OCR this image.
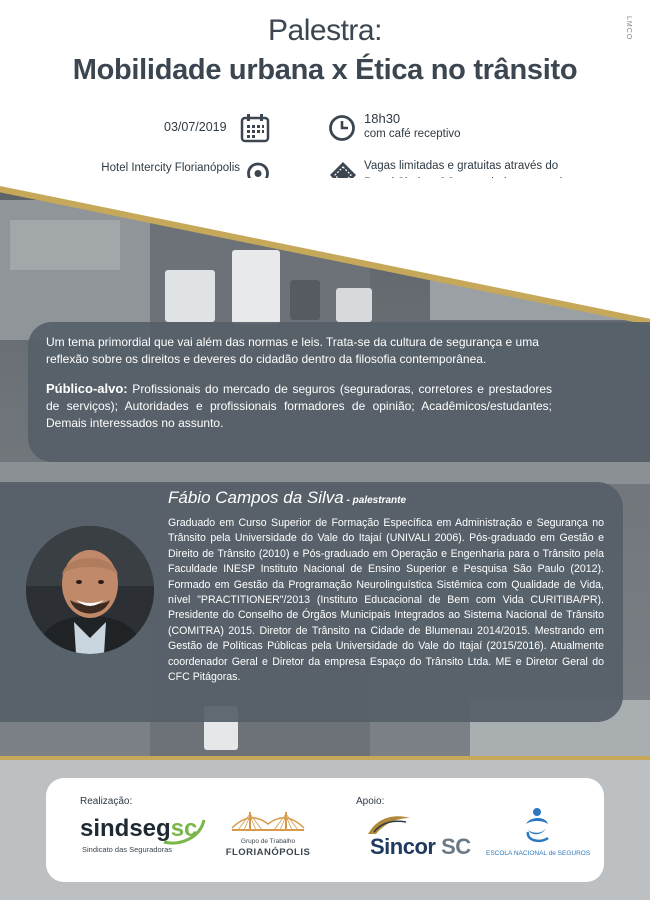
Palestra:
Mobilidade urbana x Ética no trânsito
LMCO
03/07/2019
18h30
com café receptivo
Hotel Intercity Florianópolis	Vagas limitadas e gratuitas através do
Um tema primordial que vai além das normas e leis. Trata-se da cultura de segurança e uma reflexão sobre os direitos e deveres do cidadão dentro da filosofia contemporânea.
Público-alvo: Profissionais do mercado de seguros (seguradoras, corretores e prestadores de serviços); Autoridades e profissionais formadores de opinião; Acadêmicos/estudantes; Demais interessados no assunto.
Fábio Campos da Silva - palestrante
Graduado em Curso Superior de Formação Específica em Administração e Segurança no Trânsito pela Universidade do Vale do Itajaí (UNIVALI 2006). Pós-graduado em Gestão e Direito de Trânsito (2010) e Pós-graduado em Operação e Engenharia para o Trânsito pela Faculdade INESP Instituto Nacional de Ensino Superior e Pesquisa São Paulo (2012). Formado em Gestão da Programação Neurolinguística Sistêmica com Qualidade de Vida, nível "PRACTITIONER"/2013 (Instituto Educacional de Bem com Vida CURITIBA/PR). Presidente do Conselho de Órgãos Municipais Integrados ao Sistema Nacional de Trânsito (COMITRA) 2015. Diretor de Trânsito na Cidade de Blumenau 2014/2015. Mestrando em Gestão de Políticas Públicas pela Universidade do Vale do Itajaí (2015/2016). Atualmente coordenador Geral e Diretor da empresa Espaço do Trânsito Ltda. ME e Diretor Geral do CFC Pitágoras.
Realização:	Apoio:
sindsegsc
Sindicato das Seguradoras
Grupo de Trabalho
FLORIANÓPOLIS	Sincor SC ESCOLA NACIONAL de SEGUROS
